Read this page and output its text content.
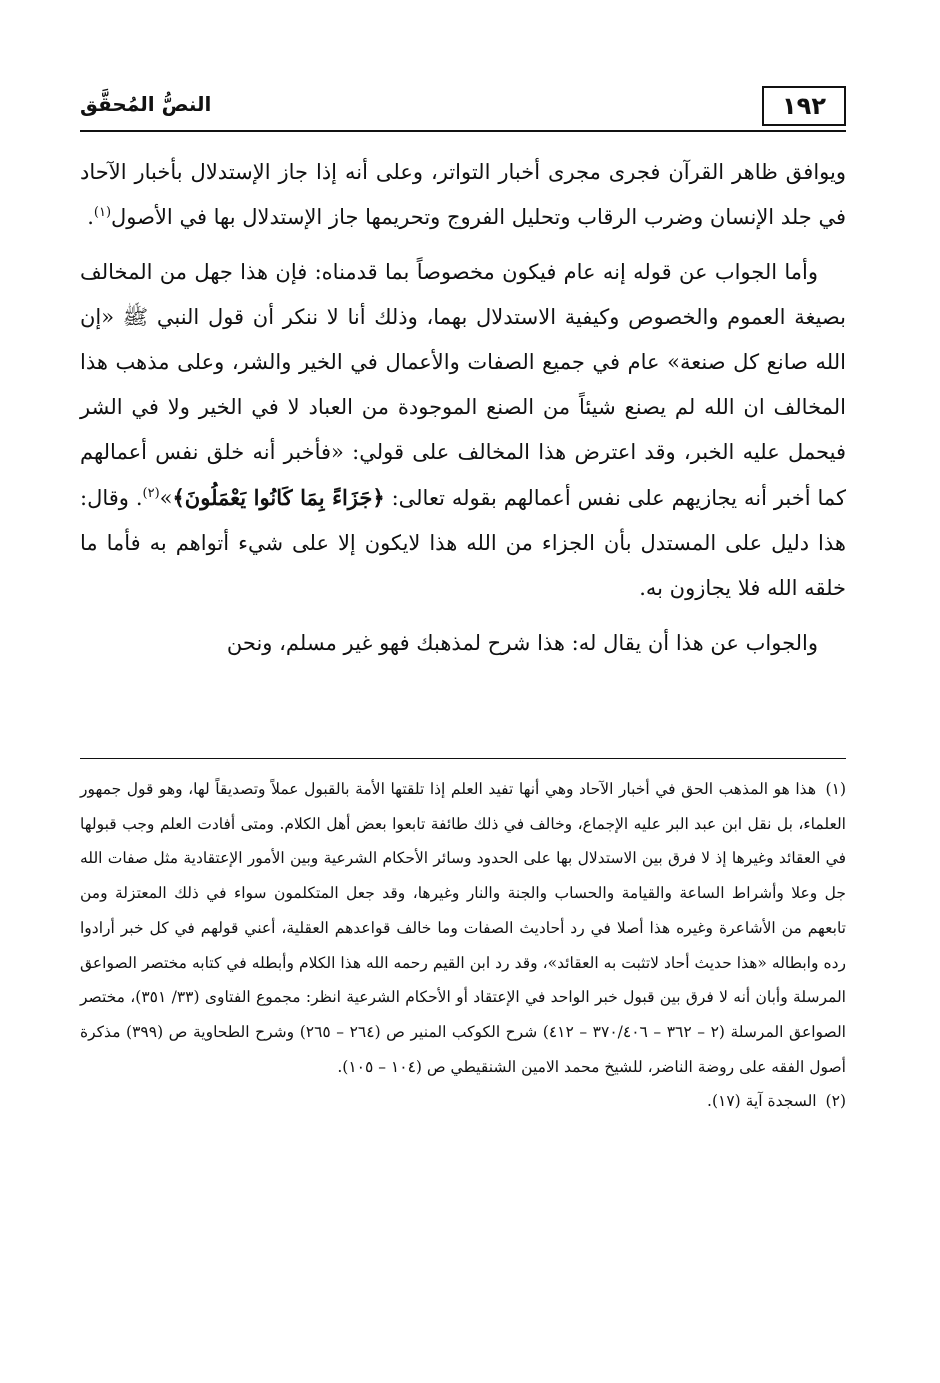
١٩٢
النصُّ المُحقَّق

ويوافق ظاهر القرآن فجرى مجرى أخبار التواتر، وعلى أنه إذا جاز الإستدلال بأخبار الآحاد في جلد الإنسان وضرب الرقاب وتحليل الفروج وتحريمها جاز الإستدلال بها في الأصول$^{(١)}$.

وأما الجواب عن قوله إنه عام فيكون مخصوصاً بما قدمناه: فإن هذا جهل من المخالف بصيغة العموم والخصوص وكيفية الاستدلال بهما، وذلك أنا لا ننكر أن قول النبي ﷺ «إن الله صانع كل صنعة» عام في جميع الصفات والأعمال في الخير والشر، وعلى مذهب هذا المخالف ان الله لم يصنع شيئاً من الصنع الموجودة من العباد لا في الخير ولا في الشر فيحمل عليه الخبر، وقد اعترض هذا المخالف على قولي: «فأخبر أنه خلق نفس أعمالهم كما أخبر أنه يجازيهم على نفس أعمالهم بقوله تعالى: ﴿جَزَاءً بِمَا كَانُوا يَعْمَلُونَ﴾»$^{(٢)}$. وقال: هذا دليل على المستدل بأن الجزاء من الله هذا لايكون إلا على شيء أتواهم به فأما ما خلقه الله فلا يجازون به.

والجواب عن هذا أن يقال له: هذا شرح لمذهبك فهو غير مسلم، ونحن

(١) هذا هو المذهب الحق في أخبار الآحاد وهي أنها تفيد العلم إذا تلقتها الأمة بالقبول عملاً وتصديقاً لها، وهو قول جمهور العلماء، بل نقل ابن عبد البر عليه الإجماع، وخالف في ذلك طائفة تابعوا بعض أهل الكلام. ومتى أفادت العلم وجب قبولها في العقائد وغيرها إذ لا فرق بين الاستدلال بها على الحدود وسائر الأحكام الشرعية وبين الأمور الإعتقادية مثل صفات الله جل وعلا وأشراط الساعة والقيامة والحساب والجنة والنار وغيرها، وقد جعل المتكلمون سواء في ذلك المعتزلة ومن تابعهم من الأشاعرة وغيره هذا أصلا في رد أحاديث الصفات وما خالف قواعدهم العقلية، أعني قولهم في كل خبر أرادوا رده وابطاله «هذا حديث أحاد لاتثبت به العقائد»، وقد رد ابن القيم رحمه الله هذا الكلام وأبطله في كتابه مختصر الصواعق المرسلة وأبان أنه لا فرق بين قبول خبر الواحد في الإعتقاد أو الأحكام الشرعية انظر: مجموع الفتاوى (٣٣/ ٣٥١)، مختصر الصواعق المرسلة (٢ – ٣٦٢ – ٣٧٠/٤٠٦ – ٤١٢) شرح الكوكب المنير ص (٢٦٤ – ٢٦٥) وشرح الطحاوية ص (٣٩٩) مذكرة أصول الفقه على روضة الناضر، للشيخ محمد الامين الشنقيطي ص (١٠٤ – ١٠٥).

(٢) السجدة آية (١٧).
